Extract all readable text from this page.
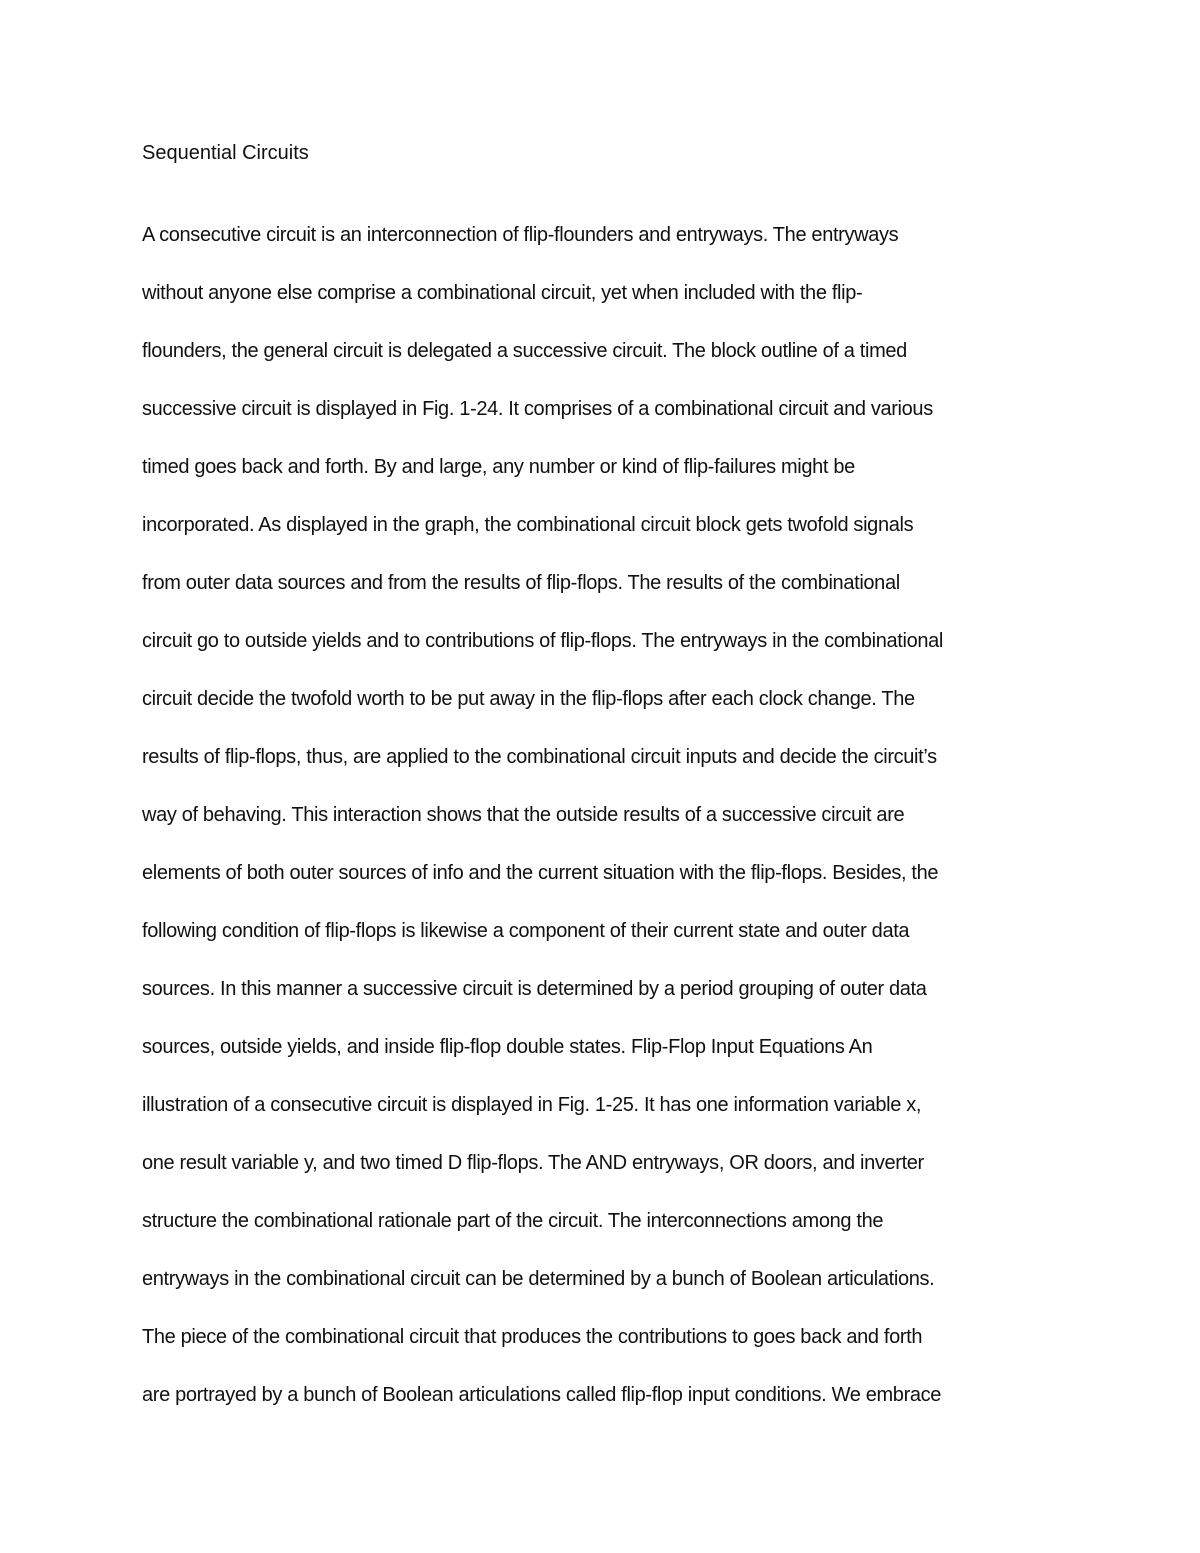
Sequential Circuits
A consecutive circuit is an interconnection of flip-flounders and entryways. The entryways
without anyone else comprise a combinational circuit, yet when included with the flip-
flounders, the general circuit is delegated a successive circuit. The block outline of a timed
successive circuit is displayed in Fig. 1-24. It comprises of a combinational circuit and various
timed goes back and forth. By and large, any number or kind of flip-failures might be
incorporated. As displayed in the graph, the combinational circuit block gets twofold signals
from outer data sources and from the results of flip-flops. The results of the combinational
circuit go to outside yields and to contributions of flip-flops. The entryways in the combinational
circuit decide the twofold worth to be put away in the flip-flops after each clock change. The
results of flip-flops, thus, are applied to the combinational circuit inputs and decide the circuit’s
way of behaving. This interaction shows that the outside results of a successive circuit are
elements of both outer sources of info and the current situation with the flip-flops. Besides, the
following condition of flip-flops is likewise a component of their current state and outer data
sources. In this manner a successive circuit is determined by a period grouping of outer data
sources, outside yields, and inside flip-flop double states. Flip-Flop Input Equations An
illustration of a consecutive circuit is displayed in Fig. 1-25. It has one information variable x,
one result variable y, and two timed D flip-flops. The AND entryways, OR doors, and inverter
structure the combinational rationale part of the circuit. The interconnections among the
entryways in the combinational circuit can be determined by a bunch of Boolean articulations.
The piece of the combinational circuit that produces the contributions to goes back and forth
are portrayed by a bunch of Boolean articulations called flip-flop input conditions. We embrace
